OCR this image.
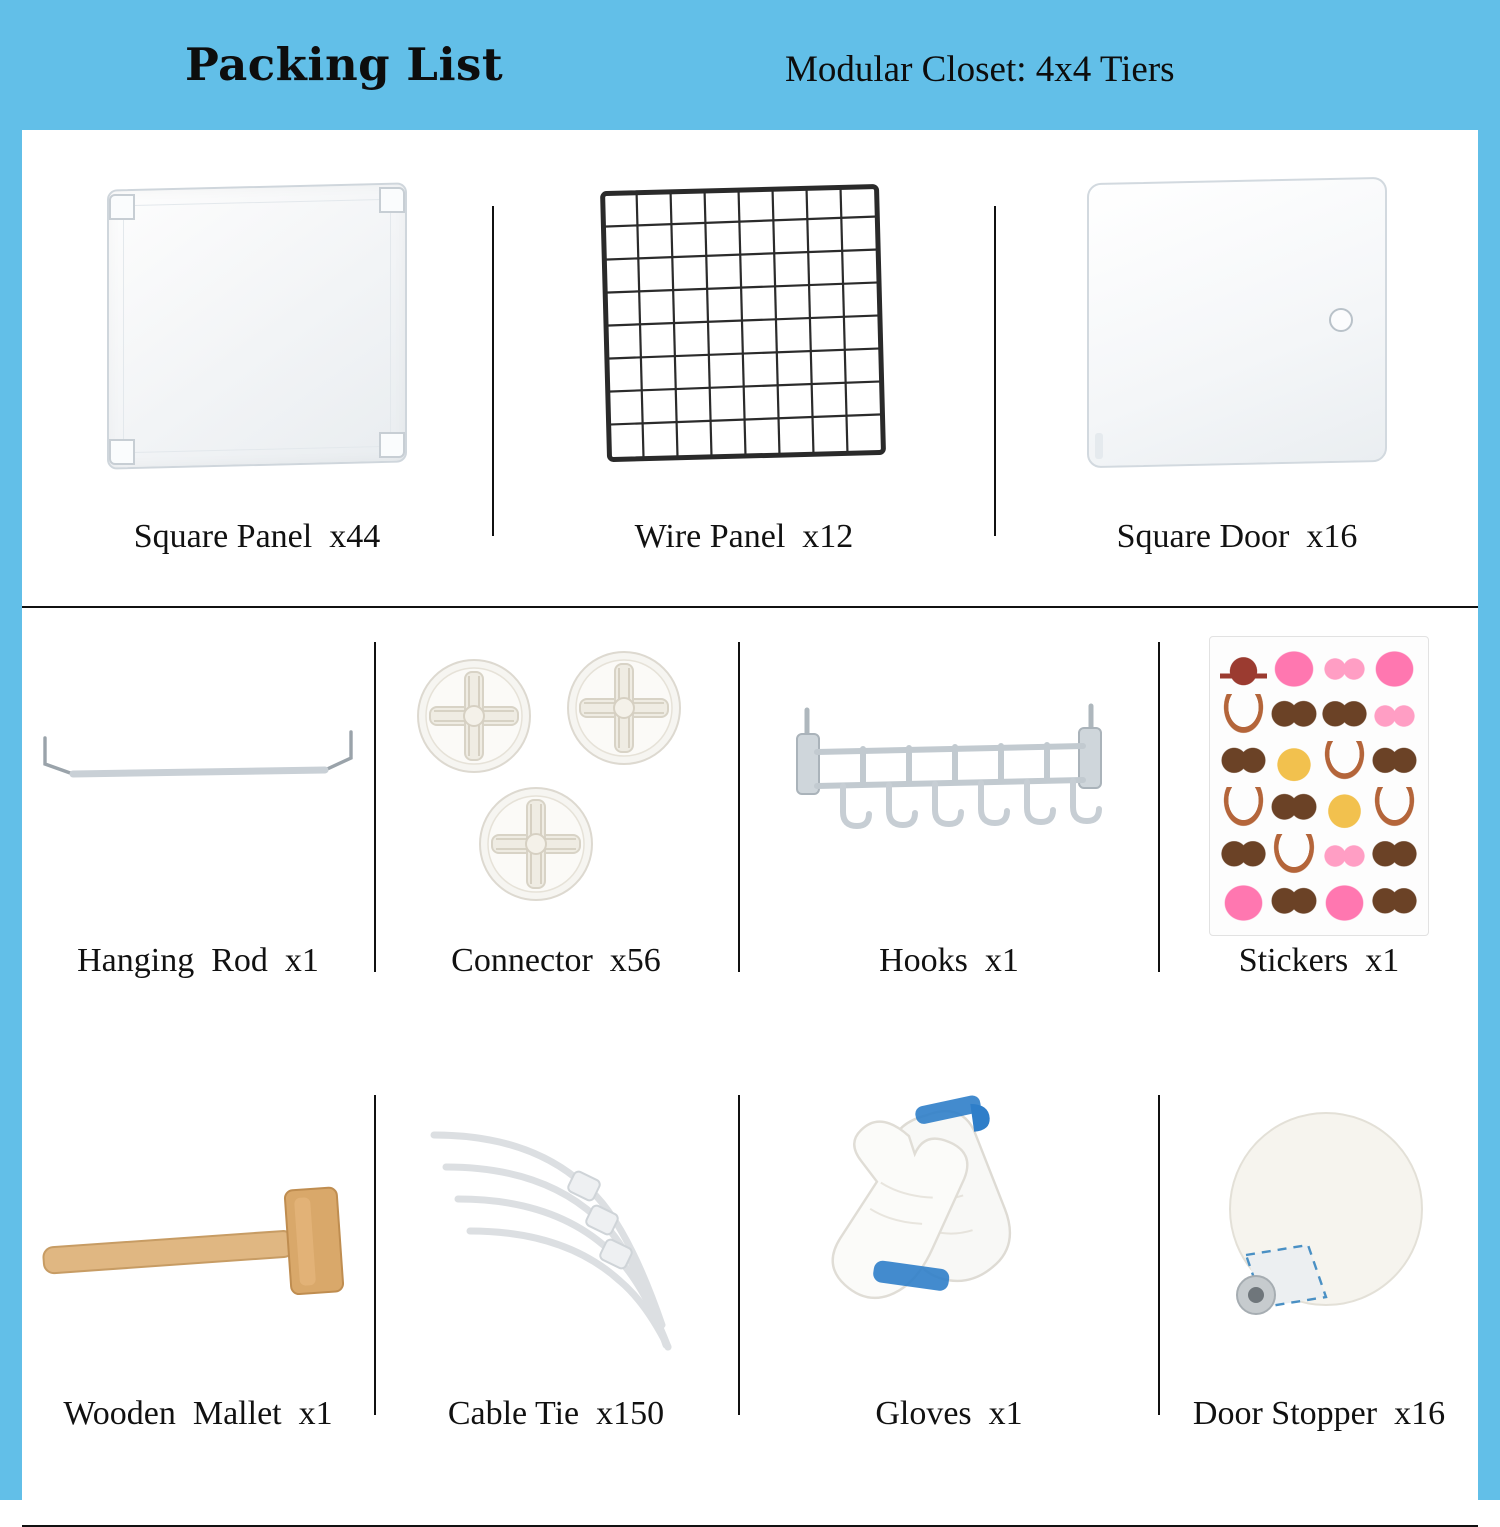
Packing List	Modular Closet: 4x4 Tiers
Square Panel  x44	Wire Panel  x12	Square Door  x16
Hanging  Rod  x1	Connector  x56	Hooks  x1	Stickers  x1
Wooden  Mallet  x1	Cable Tie  x150	Gloves  x1	Door Stopper  x16
